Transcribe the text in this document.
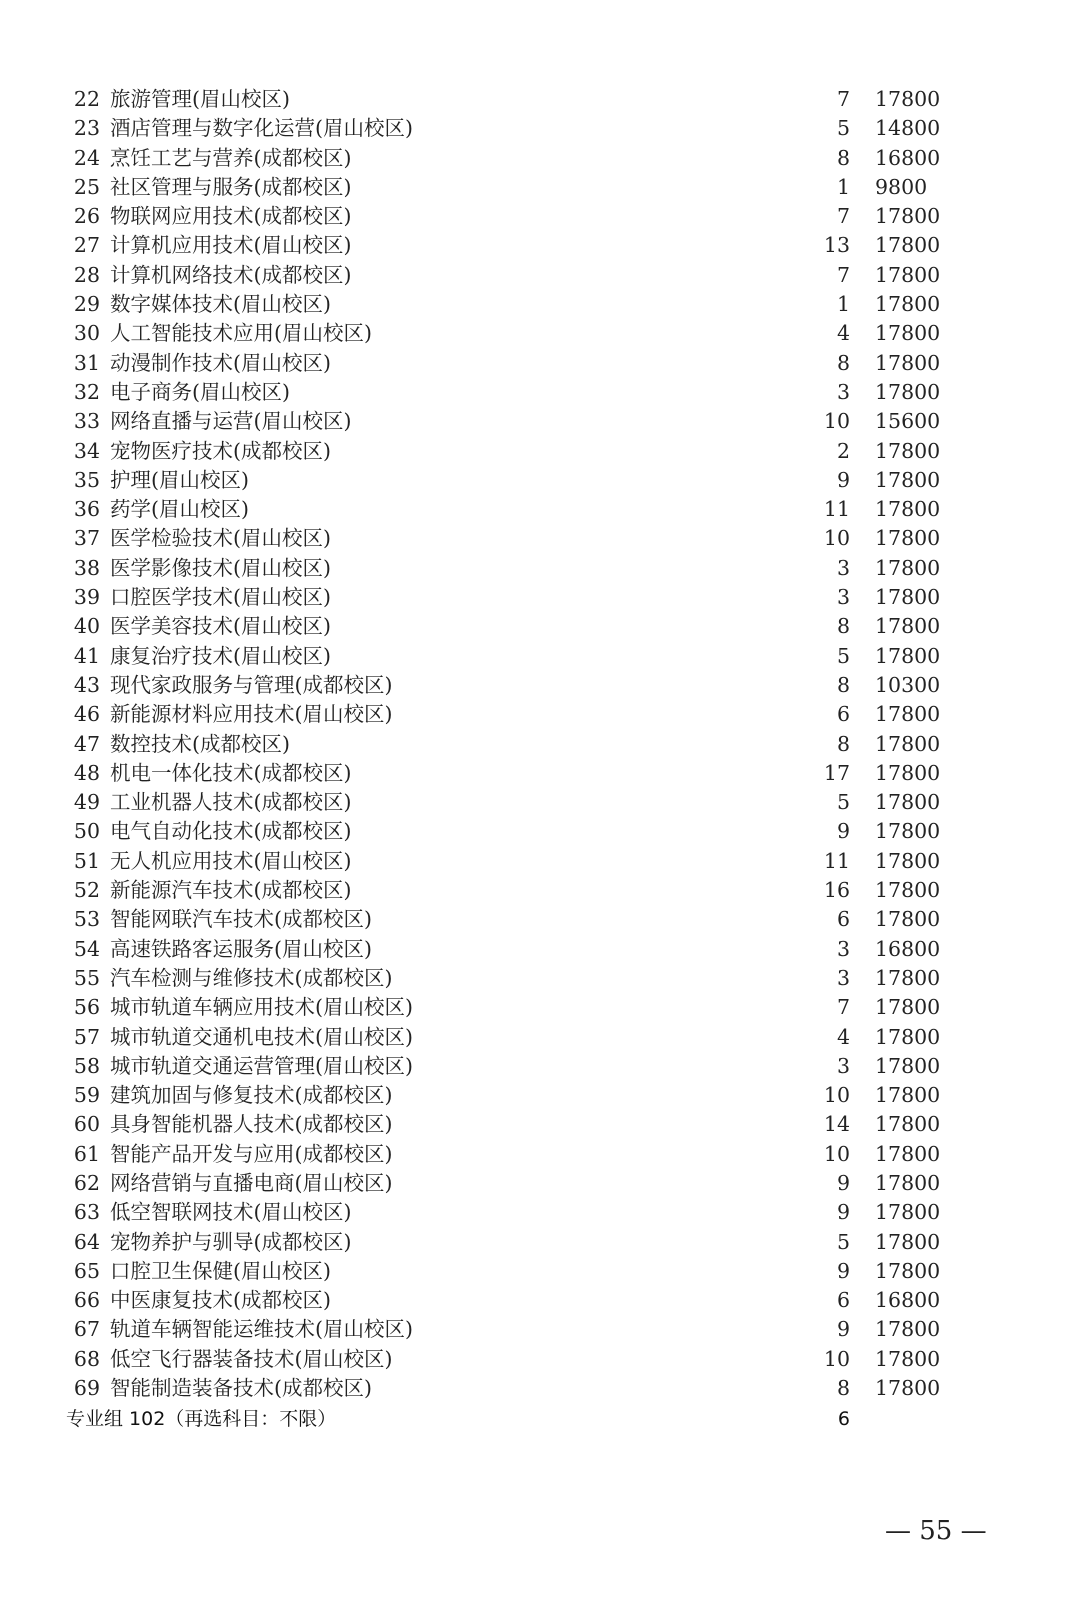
22 旅游管理(眉山校区)	7 17800
23 酒店管理与数字化运营(眉山校区)	5 14800
24 烹饪工艺与营养(成都校区)	8 16800
25 社区管理与服务(成都校区)	1 9800
26 物联网应用技术(成都校区)	7 17800
27 计算机应用技术(眉山校区)	13 17800
28 计算机网络技术(成都校区)	7 17800
29 数字媒体技术(眉山校区)	1 17800
30 人工智能技术应用(眉山校区)	4 17800
31 动漫制作技术(眉山校区)	8 17800
32 电子商务(眉山校区)	3 17800
33 网络直播与运营(眉山校区)	10 15600
34 宠物医疗技术(成都校区)	2 17800
35 护理(眉山校区)	9 17800
36 药学(眉山校区)	11 17800
37 医学检验技术(眉山校区)	10 17800
38 医学影像技术(眉山校区)	3 17800
39 口腔医学技术(眉山校区)	3 17800
40 医学美容技术(眉山校区)	8 17800
41 康复治疗技术(眉山校区)	5 17800
43 现代家政服务与管理(成都校区)	8 10300
46 新能源材料应用技术(眉山校区)	6 17800
47 数控技术(成都校区)	8 17800
48 机电一体化技术(成都校区)	17 17800
49 工业机器人技术(成都校区)	5 17800
50 电气自动化技术(成都校区)	9 17800
51 无人机应用技术(眉山校区)	11 17800
52 新能源汽车技术(成都校区)	16 17800
53 智能网联汽车技术(成都校区)	6 17800
54 高速铁路客运服务(眉山校区)	3 16800
55 汽车检测与维修技术(成都校区)	3 17800
56 城市轨道车辆应用技术(眉山校区)	7 17800
57 城市轨道交通机电技术(眉山校区)	4 17800
58 城市轨道交通运营管理(眉山校区)	3 17800
59 建筑加固与修复技术(成都校区)	10 17800
60 具身智能机器人技术(成都校区)	14 17800
61 智能产品开发与应用(成都校区)	10 17800
62 网络营销与直播电商(眉山校区)	9 17800
63 低空智联网技术(眉山校区)	9 17800
64 宠物养护与驯导(成都校区)	5 17800
65 口腔卫生保健(眉山校区)	9 17800
66 中医康复技术(成都校区)	6 16800
67 轨道车辆智能运维技术(眉山校区)	9 17800
68 低空飞行器装备技术(眉山校区)	10 17800
69 智能制造装备技术(成都校区)	8 17800
专业组 102（再选科目：不限）	6
— 55 —
